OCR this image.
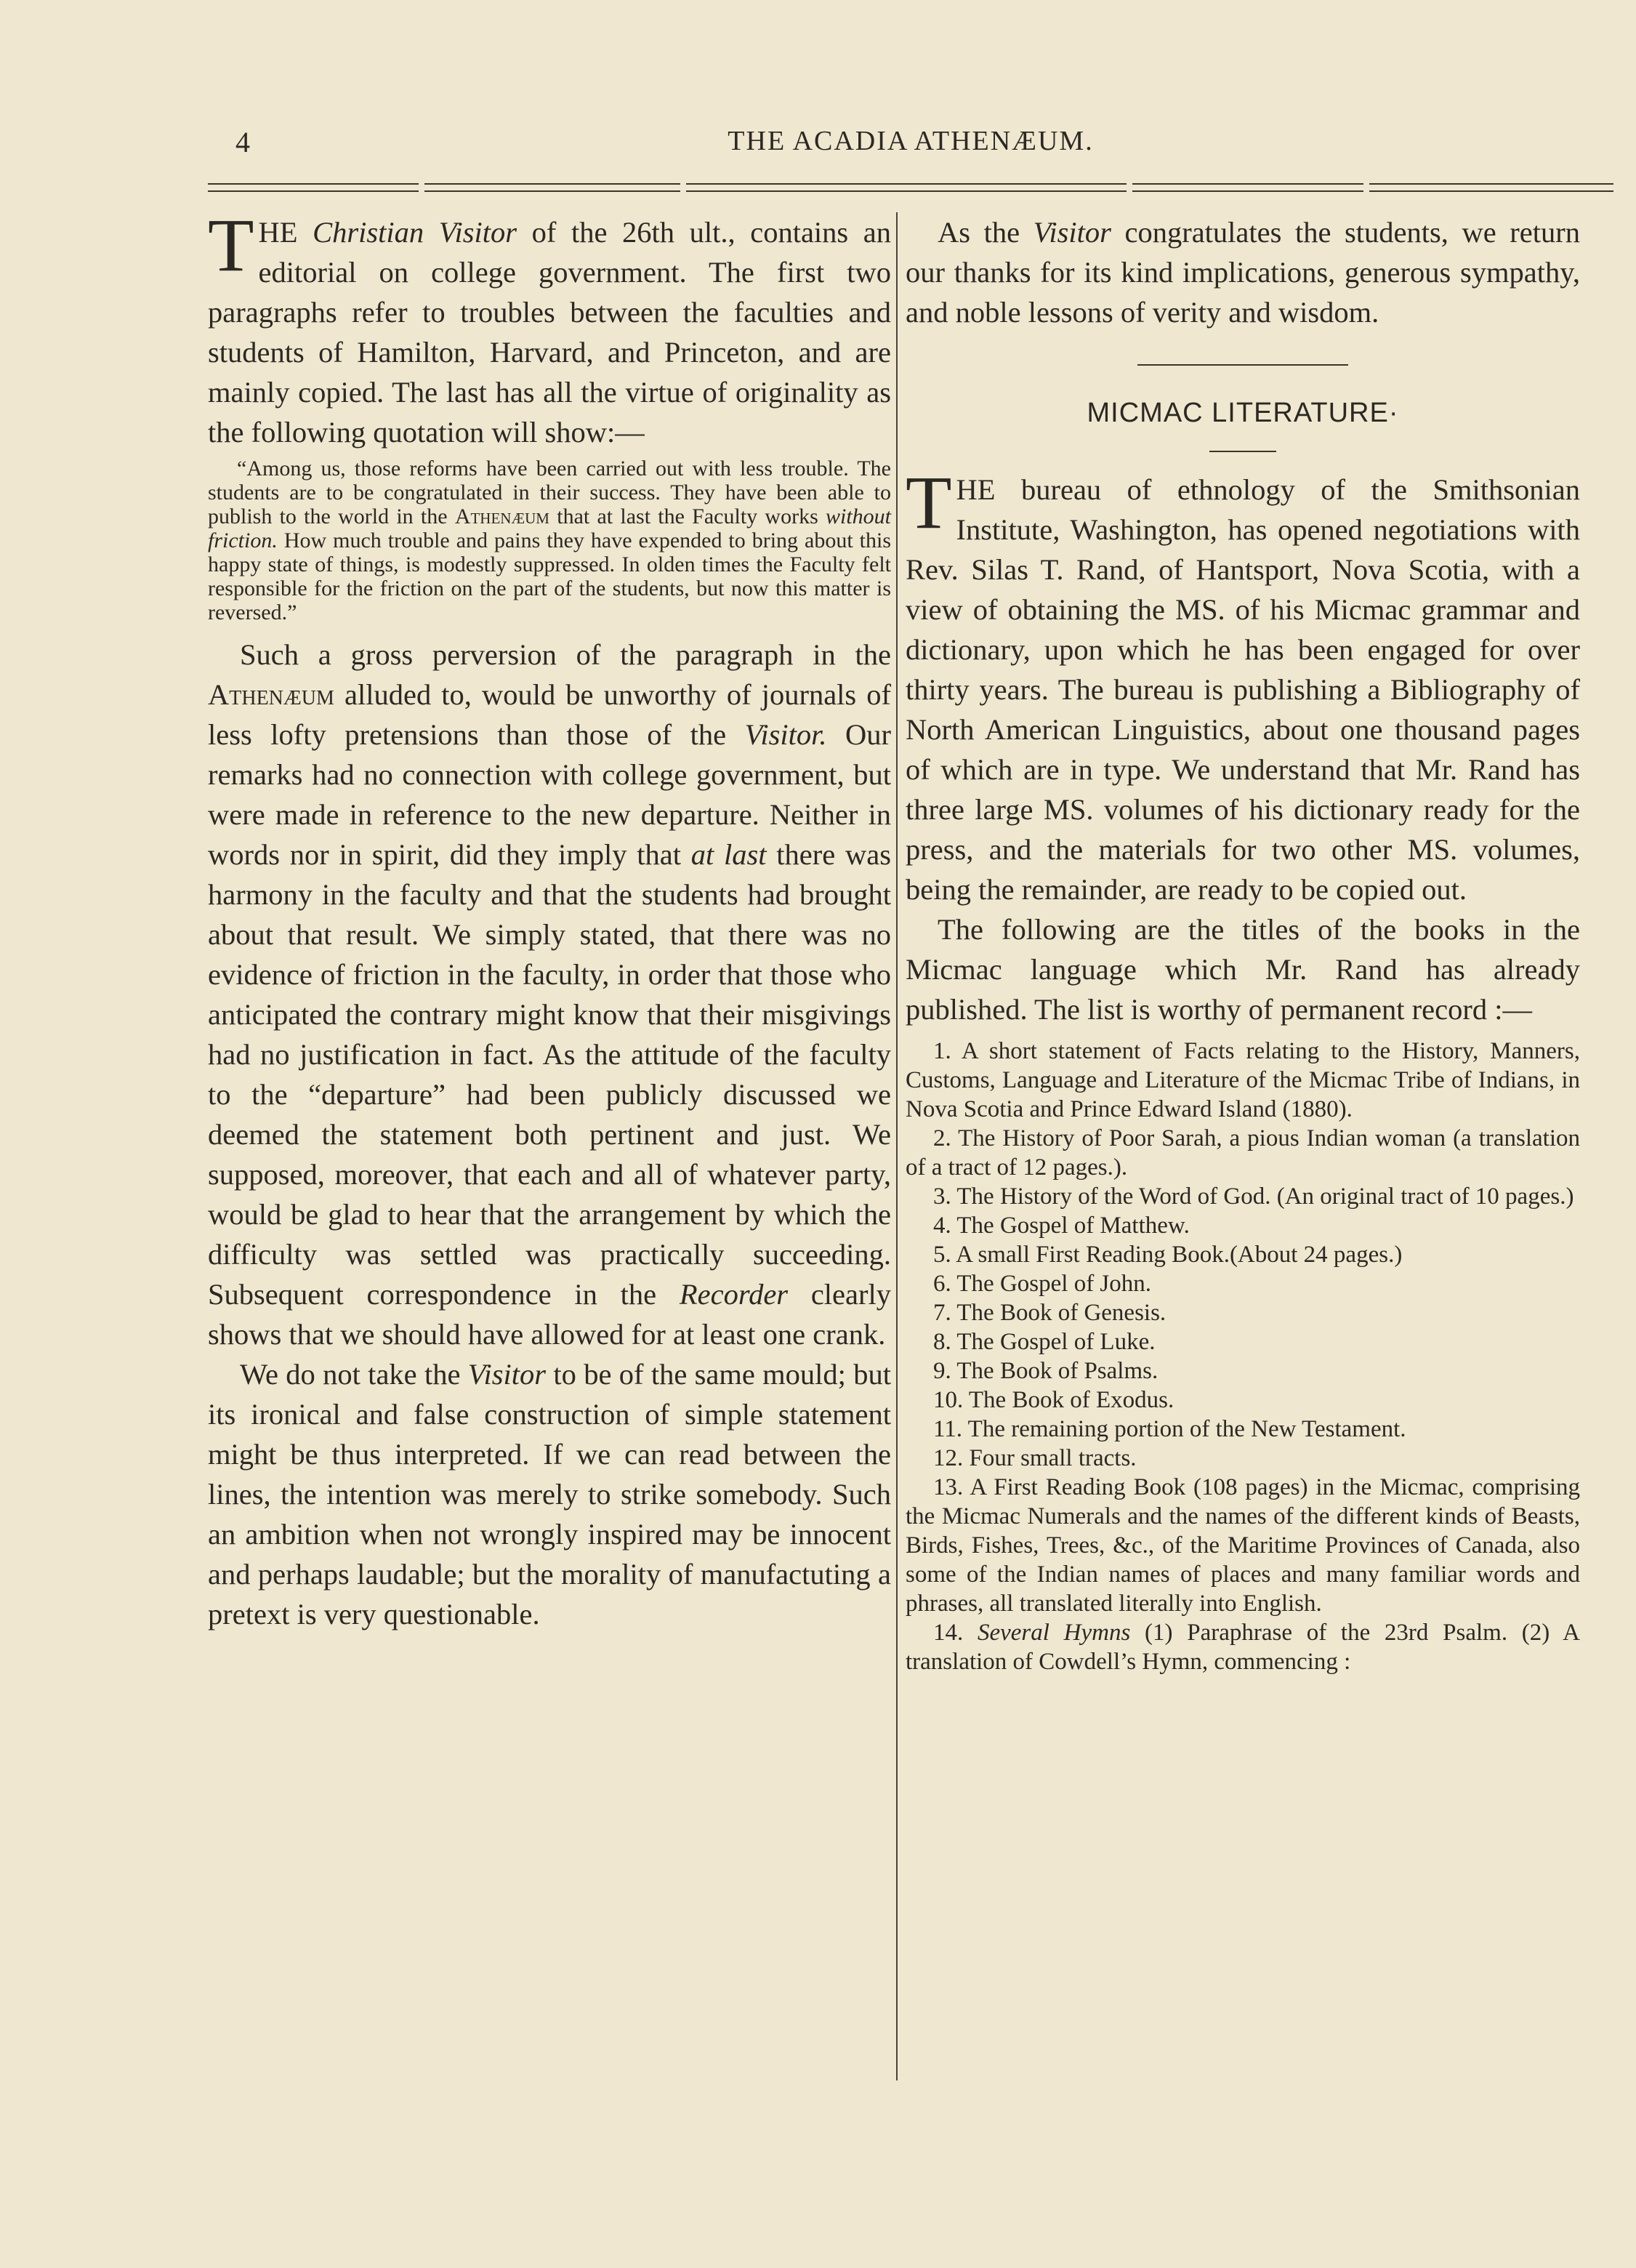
4	THE ACADIA ATHENÆUM.

THE Christian Visitor of the 26th ult., contains an editorial on college government. The first two paragraphs refer to troubles between the faculties and students of Hamilton, Harvard, and Princeton, and are mainly copied. The last has all the virtue of originality as the following quotation will show:—

“Among us, those reforms have been carried out with less trouble. The students are to be congratulated in their success. They have been able to publish to the world in the Athenæum that at last the Faculty works without friction. How much trouble and pains they have expended to bring about this happy state of things, is modestly suppressed. In olden times the Faculty felt responsible for the friction on the part of the students, but now this matter is reversed.”

Such a gross perversion of the paragraph in the Athenæum alluded to, would be unworthy of journals of less lofty pretensions than those of the Visitor. Our remarks had no connection with college government, but were made in reference to the new departure. Neither in words nor in spirit, did they imply that at last there was harmony in the faculty and that the students had brought about that result. We simply stated, that there was no evidence of friction in the faculty, in order that those who anticipated the contrary might know that their misgivings had no justification in fact. As the attitude of the faculty to the “departure” had been publicly discussed we deemed the statement both pertinent and just. We supposed, moreover, that each and all of whatever party, would be glad to hear that the arrangement by which the difficulty was settled was practically succeeding. Subsequent correspondence in the Recorder clearly shows that we should have allowed for at least one crank.

We do not take the Visitor to be of the same mould; but its ironical and false construction of simple statement might be thus interpreted. If we can read between the lines, the intention was merely to strike somebody. Such an ambition when not wrongly inspired may be innocent and perhaps laudable; but the morality of manufactuting a pretext is very questionable.

As the Visitor congratulates the students, we return our thanks for its kind implications, generous sympathy, and noble lessons of verity and wisdom.

MICMAC LITERATURE·

THE bureau of ethnology of the Smithsonian Institute, Washington, has opened negotiations with Rev. Silas T. Rand, of Hantsport, Nova Scotia, with a view of obtaining the MS. of his Micmac grammar and dictionary, upon which he has been engaged for over thirty years. The bureau is publishing a Bibliography of North American Linguistics, about one thousand pages of which are in type. We understand that Mr. Rand has three large MS. volumes of his dictionary ready for the press, and the materials for two other MS. volumes, being the remainder, are ready to be copied out.

The following are the titles of the books in the Micmac language which Mr. Rand has already published. The list is worthy of permanent record :—

1. A short statement of Facts relating to the History, Manners, Customs, Language and Literature of the Micmac Tribe of Indians, in Nova Scotia and Prince Edward Island (1880).

2. The History of Poor Sarah, a pious Indian woman (a translation of a tract of 12 pages.).

3. The History of the Word of God. (An original tract of 10 pages.)

4. The Gospel of Matthew.

5. A small First Reading Book.(About 24 pages.)

6. The Gospel of John.

7. The Book of Genesis.

8. The Gospel of Luke.

9. The Book of Psalms.

10. The Book of Exodus.

11. The remaining portion of the New Testament.

12. Four small tracts.

13. A First Reading Book (108 pages) in the Micmac, comprising the Micmac Numerals and the names of the different kinds of Beasts, Birds, Fishes, Trees, &c., of the Maritime Provinces of Canada, also some of the Indian names of places and many familiar words and phrases, all translated literally into English.

14. Several Hymns (1) Paraphrase of the 23rd Psalm. (2) A translation of Cowdell’s Hymn, commencing :
